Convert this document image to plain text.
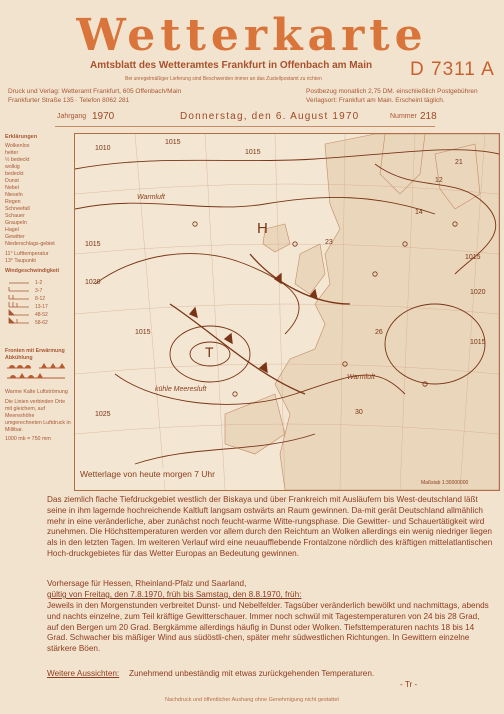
Wetterkarte
Amtsblatt des Wetteramtes Frankfurt in Offenbach am Main D 7311 A
Bei unregelmäßiger Lieferung sind Beschwerden immer an das Zustellpostamt zu richten
Druck und Verlag: Wetteramt Frankfurt, 605 Offenbach/Main
Frankfurter Straße 135 · Telefon 8062 281
Postbezug monatlich 2,75 DM. einschließlich Postgebühren
Verlagsort: Frankfurt am Main. Erscheint täglich.
Jahrgang 1970	Donnerstag, den 6. August 1970	Nummer 218
Erklärungen
Wolkenlos
heiter
½ bedeckt
wolkig
bedeckt
Dunst
Nebel
Nieseln
Regen
Schneefall
Schauer
Graupeln
Hagel
Gewitter
Niederschlags-gebiet
11° Lufttemperatur
13° Taupunkt
Windgeschwindigkeit
1-2
3-7
8-12
13-17
48-52
58-62
Fronten mit Erwärmung Abkühlung
Warme Kalte Luftströmung
Die Linien verbinden Orte mit gleichem, auf Meereshöhe umgerechneten Luftdruck in Millibar.
1000 mb = 750 mm
1010
1015
1015
1015
1020
1015
1015
1020
1015
1025
21
12
14
23
26
30
Warmluft
Warmluft
kühle Meeresluft
H
T
Wetterlage von heute morgen 7 Uhr
Maßstab 1:30000000
Das ziemlich flache Tiefdruckgebiet westlich der Biskaya und über Frankreich mit Ausläufern bis West-deutschland läßt seine in ihm lagernde hochreichende Kaltluft langsam ostwärts an Raum gewinnen. Da-mit gerät Deutschland allmählich mehr in eine veränderliche, aber zunächst noch feucht-warme Witte-rungsphase. Die Gewitter- und Schauertätigkeit wird zunehmen. Die Höchsttemperaturen werden vor allem durch den Reichtum an Wolken allerdings ein wenig niedriger liegen als in den letzten Tagen. Im weiteren Verlauf wird eine neuaufflebende Frontalzone nördlich des kräftigen mittelatlantischen Hoch-druckgebietes für das Wetter Europas an Bedeutung gewinnen.
Vorhersage für Hessen, Rheinland-Pfalz und Saarland,
gültig von Freitag, den 7.8.1970, früh bis Samstag, den 8.8.1970, früh:
Jeweils in den Morgenstunden verbreitet Dunst- und Nebelfelder. Tagsüber veränderlich bewölkt und nachmittags, abends und nachts einzelne, zum Teil kräftige Gewitterschauer. Immer noch schwül mit Tagestemperaturen von 24 bis 28 Grad, auf den Bergen um 20 Grad. Bergkämme allerdings häufig in Dunst oder Wolken. Tiefsttemperaturen nachts 18 bis 14 Grad. Schwacher bis mäßiger Wind aus südöstli-chen, später mehr südwestlichen Richtungen. In Gewittern einzelne stärkere Böen.
Weitere Aussichten: Zunehmend unbeständig mit etwas zurückgehenden Temperaturen.
- Tr -
Nachdruck und öffentlicher Aushang ohne Genehmigung nicht gestattet
